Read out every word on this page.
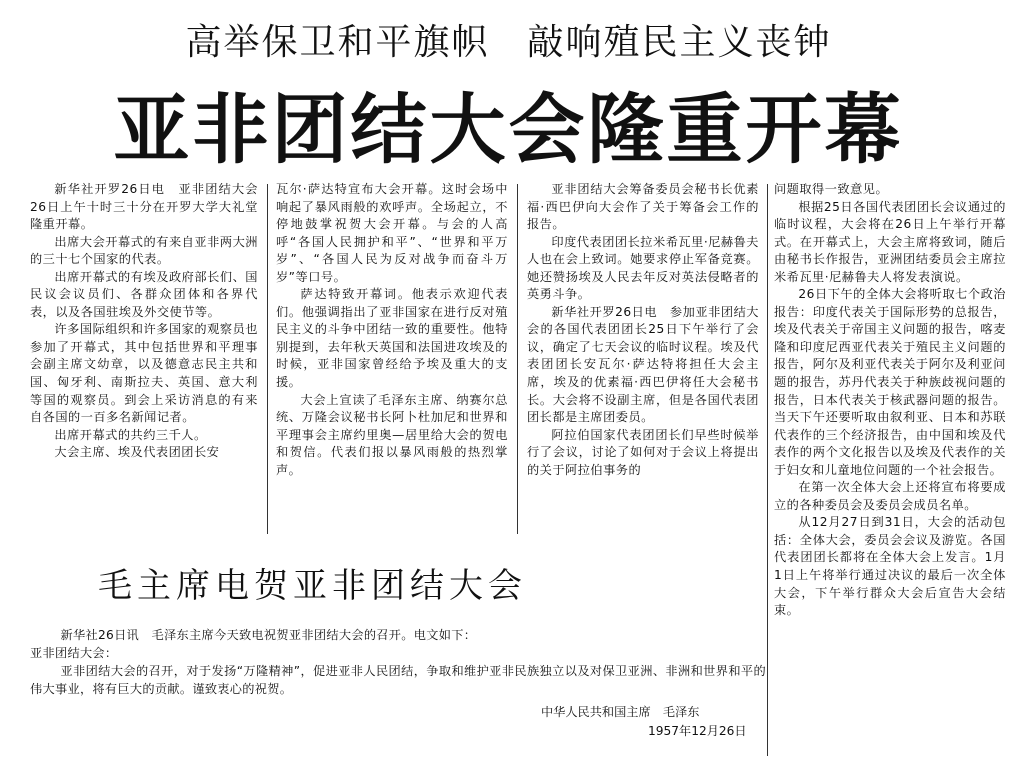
高举保卫和平旗帜　敲响殖民主义丧钟
亚非团结大会隆重开幕

新华社开罗26日电　亚非团结大会26日上午十时三十分在开罗大学大礼堂隆重开幕。

出席大会开幕式的有来自亚非两大洲的三十七个国家的代表。

出席开幕式的有埃及政府部长们、国民议会议员们、各群众团体和各界代表，以及各国驻埃及外交使节等。

许多国际组织和许多国家的观察员也参加了开幕式，其中包括世界和平理事会副主席文幼章，以及德意志民主共和国、匈牙利、南斯拉夫、英国、意大利等国的观察员。到会上采访消息的有来自各国的一百多名新闻记者。

出席开幕式的共约三千人。

大会主席、埃及代表团团长安

瓦尔·萨达特宣布大会开幕。这时会场中响起了暴风雨般的欢呼声。全场起立，不停地鼓掌祝贺大会开幕。与会的人高呼“各国人民拥护和平”、“世界和平万岁”、“各国人民为反对战争而奋斗万岁”等口号。

萨达特致开幕词。他表示欢迎代表们。他强调指出了亚非国家在进行反对殖民主义的斗争中团结一致的重要性。他特别提到，去年秋天英国和法国进攻埃及的时候，亚非国家曾经给予埃及重大的支援。

大会上宣读了毛泽东主席、纳赛尔总统、万隆会议秘书长阿卜杜加尼和世界和平理事会主席约里奥—居里给大会的贺电和贺信。代表们报以暴风雨般的热烈掌声。

亚非团结大会筹备委员会秘书长优素福·西巴伊向大会作了关于筹备会工作的报告。

印度代表团团长拉米希瓦里·尼赫鲁夫人也在会上致词。她要求停止军备竞赛。她还赞扬埃及人民去年反对英法侵略者的英勇斗争。

新华社开罗26日电　参加亚非团结大会的各国代表团团长25日下午举行了会议，确定了七天会议的临时议程。埃及代表团团长安瓦尔·萨达特将担任大会主席，埃及的优素福·西巴伊将任大会秘书长。大会将不设副主席，但是各国代表团团长都是主席团委员。

阿拉伯国家代表团团长们早些时候举行了会议，讨论了如何对于会议上将提出的关于阿拉伯事务的

问题取得一致意见。

根据25日各国代表团团长会议通过的临时议程，大会将在26日上午举行开幕式。在开幕式上，大会主席将致词，随后由秘书长作报告，亚洲团结委员会主席拉米希瓦里·尼赫鲁夫人将发表演说。

26日下午的全体大会将听取七个政治报告：印度代表关于国际形势的总报告，埃及代表关于帝国主义问题的报告，喀麦隆和印度尼西亚代表关于殖民主义问题的报告，阿尔及利亚代表关于阿尔及利亚问题的报告，苏丹代表关于种族歧视问题的报告，日本代表关于核武器问题的报告。当天下午还要听取由叙利亚、日本和苏联代表作的三个经济报告，由中国和埃及代表作的两个文化报告以及埃及代表作的关于妇女和儿童地位问题的一个社会报告。

在第一次全体大会上还将宣布将要成立的各种委员会及委员会成员名单。

从12月27日到31日，大会的活动包括：全体大会，委员会会议及游览。各国代表团团长都将在全体大会上发言。1月1日上午将举行通过决议的最后一次全体大会，下午举行群众大会后宣告大会结束。

毛主席电贺亚非团结大会

新华社26日讯　毛泽东主席今天致电祝贺亚非团结大会的召开。电文如下：

亚非团结大会：

亚非团结大会的召开，对于发扬“万隆精神”，促进亚非人民团结，争取和维护亚非民族独立以及对保卫亚洲、非洲和世界和平的伟大事业，将有巨大的贡献。谨致衷心的祝贺。

中华人民共和国主席　毛泽东
1957年12月26日
